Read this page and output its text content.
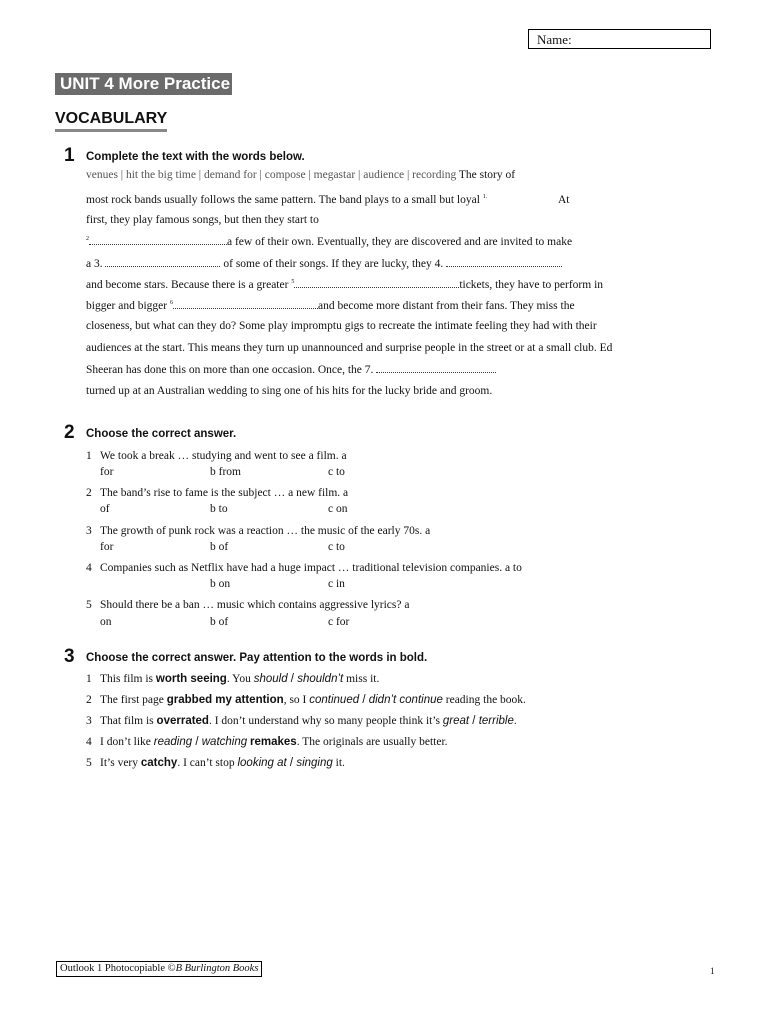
Name:
UNIT 4 More Practice
VOCABULARY
1 Complete the text with the words below.
venues | hit the big time | demand for | compose | megastar | audience | recording The story of
most rock bands usually follows the same pattern. The band plays to a small but loyal $^{1.}$	At
first, they play famous songs, but then they start to
$^2$	a few of their own. Eventually, they are discovered and are invited to make
a 3.	of some of their songs. If they are lucky, they 4.
and become stars. Because there is a greater $^5$	tickets, they have to perform in
bigger and bigger $^6$	and become more distant from their fans. They miss the
closeness, but what can they do? Some play impromptu gigs to recreate the intimate feeling they had with their
audiences at the start. This means they turn up unannounced and surprise people in the street or at a small club. Ed
Sheeran has done this on more than one occasion. Once, the 7.
turned up at an Australian wedding to sing one of his hits for the lucky bride and groom.
2 Choose the correct answer.
1 We took a break … studying and went to see a film. a
for	b from	c to
2 The band’s rise to fame is the subject … a new film. a
of	b to	c on
3 The growth of punk rock was a reaction … the music of the early 70s. a
for	b of	c to
4 Companies such as Netflix have had a huge impact … traditional television companies. a to
b on	c in
5 Should there be a ban … music which contains aggressive lyrics? a
on	b of	c for
3 Choose the correct answer. Pay attention to the words in bold.
1 This film is worth seeing. You should / shouldn’t miss it.
2 The first page grabbed my attention, so I continued / didn’t continue reading the book.
3 That film is overrated. I don’t understand why so many people think it’s great / terrible.
4 I don’t like reading / watching remakes. The originals are usually better.
5 It’s very catchy. I can’t stop looking at / singing it.
Outlook 1 Photocopiable ©B Burlington Books	1
